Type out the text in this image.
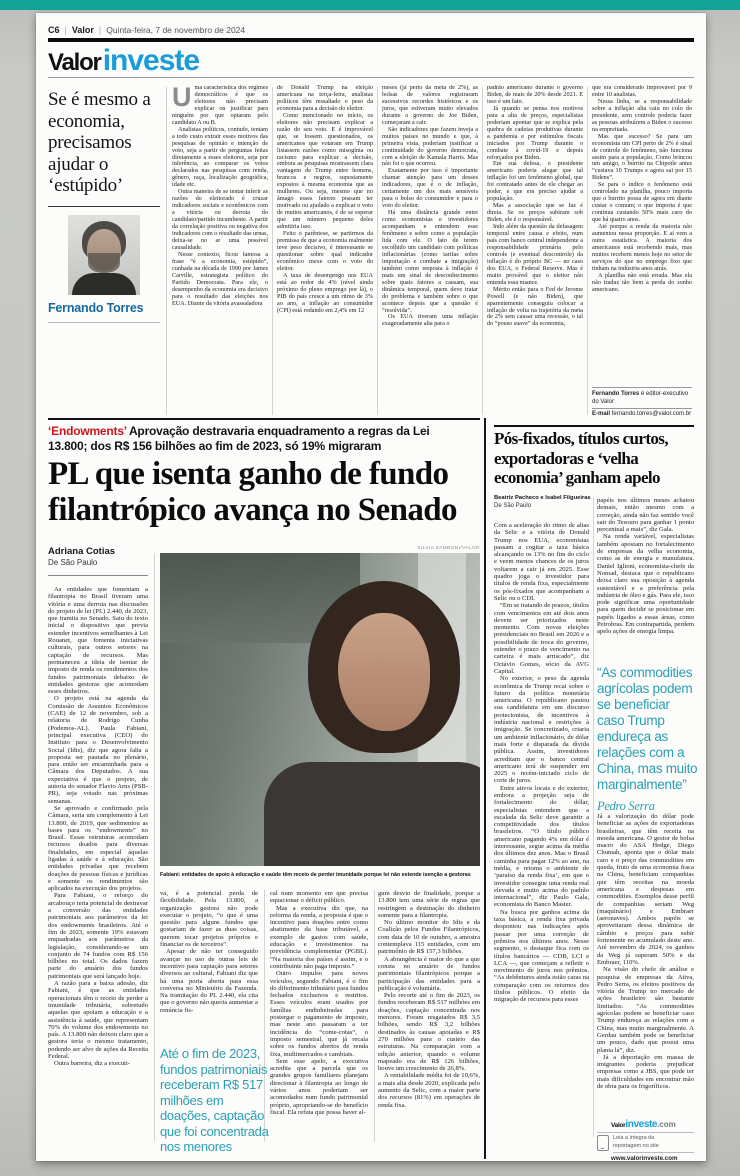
C6 | Valor | Quinta-feira, 7 de novembro de 2024
Valor investe
Se é mesmo a economia, precisamos ajudar o ‘estúpido’
Fernando Torres
U ma característica dos regimes democráticos é que os eleitores não precisam explicar ou justificar para ninguém por que optaram pelo candidato A ou B.

Analistas políticos, contudo, tentam a todo custo extrair esses motivos das pesquisas de opinião e intenção de voto, seja a partir de perguntas feitas diretamente a esses eleitores, seja por inferência, ao comparar os votos declarados nas pesquisas com renda, gênero, raça, localização geográfica, idade etc.

Outra maneira de se tentar inferir as razões do eleitorado é cruzar indicadores sociais e econômicos com a vitória ou derrota do candidato/partido incumbente. A partir da correlação positiva ou negativa dos indicadores com o resultado das urnas, deixa-se no ar uma possível causalidade.

Nesse contexto, ficou famosa a frase “é a economia, estúpido”, cunhada na década de 1990 por James Carville, estrategista político do Partido Democrata. Para ele, o desempenho da economia era decisivo para o resultado das eleições nos EUA. Diante da vitória avassaladora

de Donald Trump na eleição americana na terça-feira, analistas políticos têm ressaltado o peso da economia para a decisão do eleitor.

Como mencionado no início, os eleitores não precisam explicar a razão do seu voto. E é improvável que, se fossem questionados, os americanos que votaram em Trump listassem razões como misoginia ou racismo para explicar a decisão, embora as pesquisas mostrassem clara vantagem de Trump entre homens, brancos e negros, supostamente expostos à mesma economia que as mulheres. Ou seja, mesmo que no âmago esses fatores possam ter motivado ou ajudado a explicar o voto de muitos americanos, é de se esperar que um número pequeno deles admitiria isso.

Feito o parêntese, se partirmos da premissa de que a economia realmente teve peso decisivo, é interessante se questionar sobre qual indicador econômico mexe com o voto do eleitor.

A taxa de desemprego nos EUA está ao redor de 4% (nível ainda próximo do pleno emprego por lá), o PIB do país cresce a um ritmo de 3% ao ano, a inflação ao consumidor (CPI) está rodando em 2,4% em 12

meses (já perto da meta de 2%), as bolsas de valores registraram sucessivos recordes históricos e os juros, que estiveram muito elevados durante o governo de Joe Biden, começaram a cair.

São indicadores que fazem inveja a muitos países no mundo e que, à primeira vista, poderiam justificar a continuidade do governo democrata, com a eleição de Kamala Harris. Mas não foi o que ocorreu.

Exatamente por isso é importante chamar atenção para um desses indicadores, que é o de inflação, certamente um dos mais sensíveis para o bolso do consumidor e para o voto do eleitor.

Há uma distância grande entre como economistas e investidores acompanham e entendem esse fenômeno e sobre como a população lida com ele. O fato de terem escolhido um candidato com políticas inflacionárias (como tarifas sobre importação e combate a imigração) também como resposta à inflação é mais um sinal de desconhecimento sobre quais fatores a causam, sua dinâmica temporal, quem deve tratar do problema e também sobre o que acontece depois que a questão é “resolvida”.

Os EUA tiveram uma inflação exageradamente alta para o

padrão americano durante o governo Biden, de mais de 20% desde 2021. E isso é um fato.

Já quando se pensa nos motivos para a alta de preços, especialistas poderiam apontar que se explica pela quebra de cadeias produtivas durante a pandemia e por estímulos fiscais iniciados por Trump durante o combate à covid-19 e depois reforçados por Biden.

Em sua defesa, o presidente americano poderia alegar que tal inflação foi um fenômeno global, que foi contratado antes de ele chegar ao poder, e que era preciso ajudar a população.

Mas a associação que se faz é direta. Se os preços subiram sob Biden, ele é o responsável.

Indo além da questão da defasagem temporal entre causa e efeito, num país com banco central independente a responsabilidade primária pelo controle (e eventual descontrole) da inflação é do próprio BC — no caso dos EUA, o Federal Reserve. Mas é muito provável que o eleitor não entenda essa nuance.

Mérito então para o Fed de Jerome Powell (e não Biden), que aparentemente conseguiu colocar a inflação de volta na trajetória da meta de 2% sem causar uma recessão, o tal do “pouso suave” da economia,

que era considerado improvável por 9 entre 10 analistas.

Nessa linha, se a responsabilidade sobre a inflação alta caiu no colo do presidente, sem controle poderia fazer as pessoas atribuírem a Biden o sucesso na empreitada.

Mas que sucesso? Se para um economista um CPI perto de 2% é sinal de controle do fenômeno, não funciona assim para a população. Como brincou um amigo, o burrito na Chipotle antes “custava 10 Trumps e agora sai por 15 Bidens”.

Se para o índice o fenômeno está controlado na planilha, pouco importa que o burrito possa de agora em diante custar o comum; o que importa é que continua custando 50% mais caro do que há quatro anos.

Até porque a renda da maioria não aumentou nessa proporção. E aí vem a outra estatística. A maioria dos americanos está recebendo mais, mas muitos recebem menos hoje no setor de serviços do que no emprego fixo que tinham na indústria anos atrás.

A planilha não está errada. Mas ela não traduz tão bem a perda do sonho americano.

Fernando Torres é editor-executivo do Valor
E-mail fernando.torres@valor.com.br
‘Endowments’ Aprovação destravaria enquadramento a regras da Lei 13.800; dos R$ 156 bilhões ao fim de 2023, só 19% migraram
PL que isenta ganho de fundo filantrópico avança no Senado
Adriana Cotias
De São Paulo
SILVIA ZAMBONI/VALOR
Fabiani: entidades de apoio à educação e saúde têm receio de perder imunidade porque lei não estende isenção a gestoras

As entidades que fomentam a filantropia no Brasil tiveram uma vitória e uma derrota nas discussões do projeto de lei (PL) 2.440, de 2023, que tramita no Senado. Saiu do texto inicial o dispositivo que previa estender incentivos semelhantes à Lei Rouanet, que fomenta iniciativas culturais, para outros setores na captação de recursos. Mas permaneceu a ideia de isentar de imposto de renda os rendimentos dos fundos patrimoniais debaixo de entidades gestoras que acomodam esses dinheiros.

O projeto está na agenda da Comissão de Assuntos Econômicos (CAE) de 12 de novembro, sob a relatoria de Rodrigo Cunha (Podemos-AL). Paula Fabiani, principal executiva (CEO) do Instituto para o Desenvolvimento Social (Idis), diz que agora falta a proposta ser pautada no plenário, para então ser encaminhada para a Câmara dos Deputados. A sua expectativa é que o projeto, de autoria do senador Flavio Arns (PSB-PR), seja votado nas próximas semanas.

Se aprovado e confirmado pela Câmara, seria um complemento à Lei 13.800, de 2019, que sedimentou as bases para os “endowments” no Brasil. Essas estruturas acomodam recursos doados para diversas finalidades, em especial àquelas ligadas à saúde e à educação. São entidades privadas que recebem doações de pessoas físicas e jurídicas e somente os rendimentos são aplicados na execução dos projetos.

Para Fabiani, o reforço do arcabouço teria potencial de destravar a conversão das entidades patrimoniais aos parâmetros da lei dos endowments brasileiros. Até o fim de 2023, somente 19% estavam enquadradas aos parâmetros da legislação, considerando-se um conjunto de 74 fundos com R$ 156 bilhões no total. Os dados fazem parte do anuário dos fundos patrimoniais que será lançado hoje.

A razão para a baixa adesão, diz Fabiani, é que as entidades operacionais têm o receio de perder a imunidade tributária, sobretudo aquelas que apoiam a educação e a assistência à saúde, que representam 70% do volume dos endowments no país. A 13.800 não deixou claro que a gestora teria o mesmo tratamento, podendo ser alvo de ações da Receita Federal.

Outra barreira, diz a executi-

va, é a potencial perda de flexibilidade. Pela 13.800, a organização gestora não pode executar o projeto, “o que é uma questão para alguns fundos que gostariam de fazer as duas coisas, querem tocar projetos próprios e financiar os de terceiros”.

Apesar de não ter conseguido avançar no uso de outras leis de incentivo para captação para setores diversos ao cultural, Fabiani diz que há uma porta aberta para essa conversa no Ministério da Fazenda. Na tramitação do PL 2.440, ela cita que o governo não queria aumentar a renúncia fis-

Até o fim de 2023, fundos patrimoniais receberam R$ 517 milhões em doações, captação que foi concentrada nos menores

cal num momento em que precisa equacionar o déficit público.

Mas a executiva diz que, na reforma da renda, a proposta é que o incentivo para doações entre como abatimento da base tributável, a exemplo de gastos com saúde, educação e investimentos na previdência complementar (PGBL). “Na maioria dos países é assim, e o contribuinte não paga imposto.”

Outro impulso para novos veículos, segundo Fabiani, é o fim do diferimento tributário para fundos fechados exclusivos e restritos. Esses veículos eram usados por famílias endinheiradas para postergar o pagamento de imposto, mas neste ano passaram a ter incidência do “come-cotas”, o imposto semestral, que já recaía sobre os fundos abertos de renda fixa, multimercados e cambiais.

Sem esse apelo, a executiva acredita que a parcela que os grandes grupos familiares planejam direcionar à filantropia ao longo de vários anos poderiam ser acomodados num fundo patrimonial próprio, apropriando-se do benefício fiscal. Ela refuta que possa haver al-

gum desvio de finalidade, porque a 13.800 tem uma série de regras que restringem a destinação do dinheiro somente para a filantropia.

No último monitor do Idis e da Coalizão pelos Fundos Filantrópicos, com data de 10 de outubro, a amostra contemplava 115 entidades, com um patrimônio de R$ 157,3 bilhões.

A abrangência é maior do que a que consta no anuário de fundos patrimoniais filantrópicos porque a participação das entidades para a publicação é voluntária.

Pelo recorte até o fim de 2023, os fundos receberam R$ 517 milhões em doações, captação concentrada nos menores. Foram resgatados R$ 3,5 bilhões, sendo R$ 3,2 bilhões destinados às causas apoiadas e R$ 270 milhões para o custeio das estruturas. Na comparação com a edição anterior, quando o volume mapeado era de R$ 126 bilhões, houve um crescimento de 26,8%.

A rentabilidade média foi de 10,6%, a mais alta desde 2020, explicada pelo aumento da Selic, com a maior parte dos recursos (81%) em operações de renda fixa.

Pós-fixados, títulos curtos, exportadoras e ‘velha economia’ ganham apelo
Beatriz Pacheco e Isabel Filgueiras
De São Paulo

Com a aceleração do ritmo de altas da Selic e a vitória de Donald Trump nos EUA, economistas passam a cogitar a taxa básica alcançando os 13% no fim do ciclo e veem menos chances de os juros voltarem a cair já em 2025. Esse quadro joga o investidor para títulos de renda fixa, especialmente os pós-fixados que acompanham a Selic ou o CDI.

“Em se tratando de prazos, títulos com vencimentos em até dois anos devem ser priorizados neste momento. Com novas eleições presidenciais no Brasil em 2026 e a possibilidade de troca do governo, estender o prazo de vencimento na carteira é mais arriscado”, diz Octávio Gomes, sócio da AVG Capital.

No exterior, o peso da agenda econômica de Trump recai sobre o futuro da política monetária americana. O republicano pautou sua candidatura em um discurso protecionista, de incentivos à indústria nacional e restrições à imigração. Se concretizado, criaria um ambiente inflacionário, de dólar mais forte e disparada da dívida pública. Assim, investidores acreditam que o banco central americano terá de suspender em 2025 o recém-iniciado ciclo de corte de juros.

Entre ativos locais e do exterior, embora a projeção seja de fortalecimento do dólar, especialistas entendem que a escalada da Selic deve garantir a competitividade dos títulos brasileiros. “O título público americano pagando 4% em dólar é interessante, segue acima da média dos últimos dez anos. Mas o Brasil caminha para pagar 12% ao ano, na média, e retoma o ambiente de ‘paraíso da renda fixa’, em que o investidor consegue uma renda real elevada e muito acima do padrão internacional”, diz Paulo Gala, economista do Banco Master.

Na busca por ganhos acima da taxa básica, a renda fixa privada despontou nas indicações após passar por uma correção de prêmios nos últimos anos. Nesse segmento, o destaque fica com os títulos bancários — CDB, LCI e LCA —, que começam a refletir o movimento de juros nos prêmios. “As debêntures ainda estão caras na comparação com os retornos dos títulos públicos. O efeito da migração de recursos para esses

papéis nos últimos meses achatou demais, então mesmo com a correção, ainda não faz sentido você sair do Tesouro para ganhar 1 ponto percentual a mais”, diz Gala.

Na renda variável, especialistas também apostam no fortalecimento de empresas da velha economia, como as de energia e manufatura. Daniel Iglioni, economista-chefe da Nomad, destaca que o republicano deixa claro sua oposição à agenda sustentável e a preferência pela indústria de óleo e gás. Para ele, isso pode significar uma oportunidade para quem decidir se posicionar em papéis ligados a essas áreas, como Petrobras. Em contrapartida, perdem apelo ações de energia limpa.

“As commodities agrícolas podem se beneficiar caso Trump endureça as relações com a China, mas muito marginalmente”
Pedro Serra

Já a valorização do dólar pode beneficiar as ações de exportadoras brasileiras, que têm receita na moeda americana. O gestor de bolsa macro do ASA Hedge, Diego Chumah, aponta que o dólar mais caro e o preço das commodities em queda, fruto de uma economia fraca na China, beneficiam companhias que têm receitas na moeda americana e despesas em commodities. Exemplos desse perfil de companhias seriam Weg (maquinário) e Embraer (aeronaves). Ambos papéis se aproveitaram dessa dinâmica de câmbio e preços para subir fortemente no acumulado deste ano. Até novembro de 2024, os ganhos da Weg já superam 50% e da Embraer, 110%.

Na visão do chefe de análise e pesquisa de empresas da Ativa, Pedro Serra, os efeitos positivos da vitória de Trump no mercado de ações brasileiro são bastante limitados. “As commodities agrícolas podem se beneficiar caso Trump endureça as relações com a China, mas muito marginalmente. A Gerdau também pode se beneficiar um pouco, dado que possui uma planta lá”, diz.

Já a deportação em massa de imigrantes poderia prejudicar empresas como a JBS, que pode ter mais dificuldades em encontrar mão de obra para os frigoríficos.

Valor investe .com
Leia a íntegra da
reportagem no site
www.valorinveste.com
